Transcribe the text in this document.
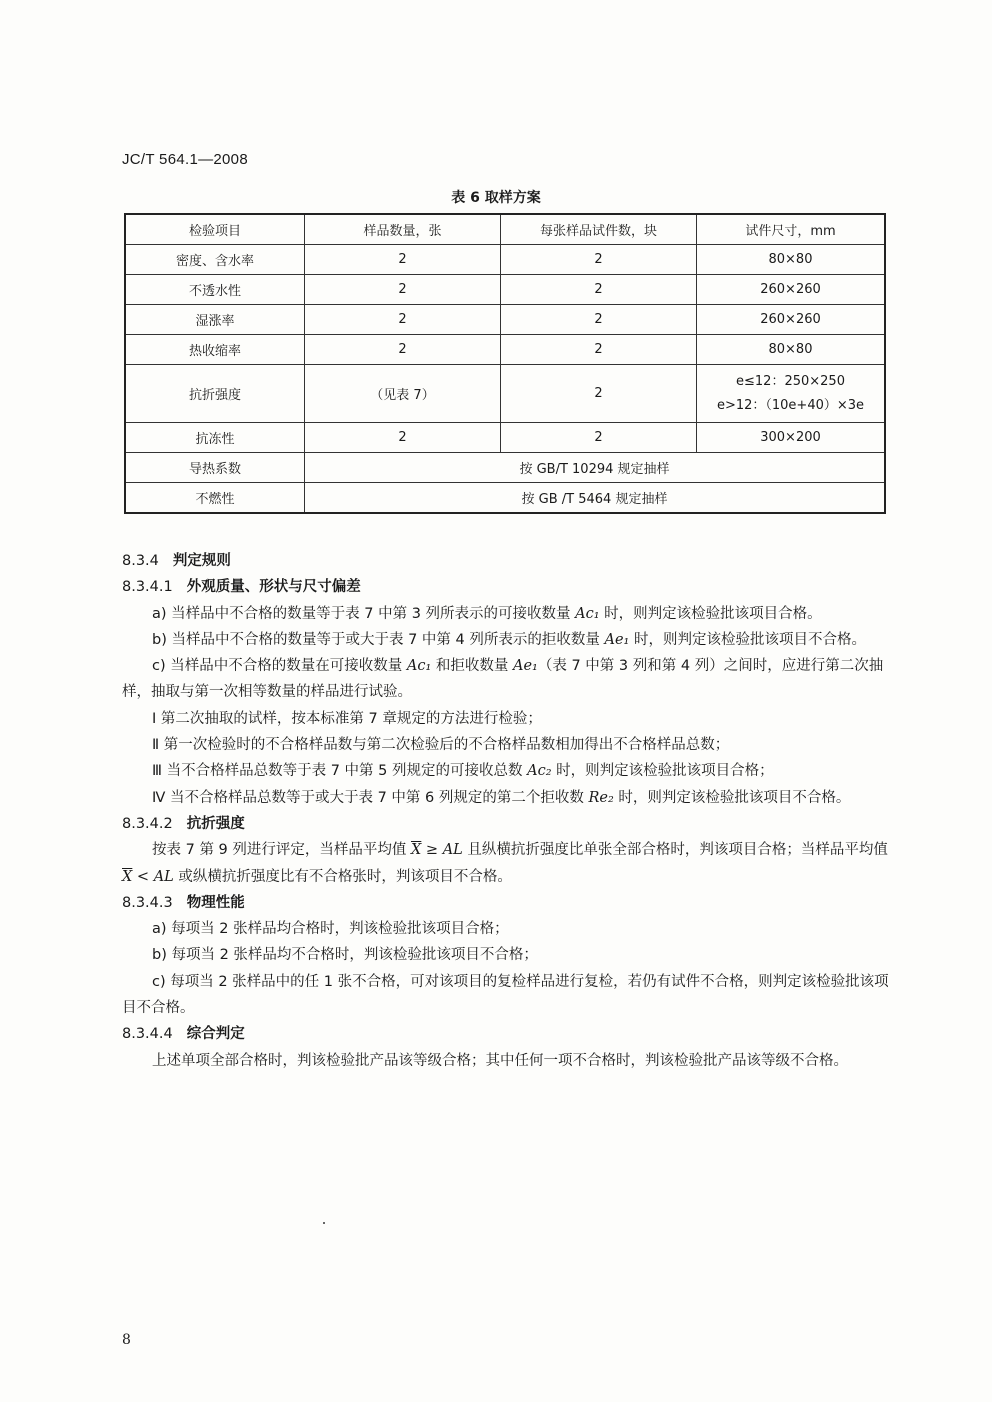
JC/T 564.1—2008
表 6 取样方案
检验项目	样品数量，张	每张样品试件数，块	试件尺寸，mm
密度、含水率	2	2	80×80
不透水性	2	2	260×260
湿涨率	2	2	260×260
热收缩率	2	2	80×80
抗折强度	（见表 7）	2	e≤12：250×250
e>12：（10e+40）×3e

抗冻性	2	2	300×200
导热系数	按 GB/T 10294 规定抽样		
不燃性	按 GB /T 5464 规定抽样		

8.3.4 判定规则

8.3.4.1 外观质量、形状与尺寸偏差

a) 当样品中不合格的数量等于表 7 中第 3 列所表示的可接收数量 Ac₁ 时，则判定该检验批该项目合格。

b) 当样品中不合格的数量等于或大于表 7 中第 4 列所表示的拒收数量 Ae₁ 时，则判定该检验批该项目不合格。

c) 当样品中不合格的数量在可接收数量 Ac₁ 和拒收数量 Ae₁（表 7 中第 3 列和第 4 列）之间时，应进行第二次抽样，抽取与第一次相等数量的样品进行试验。

Ⅰ 第二次抽取的试样，按本标准第 7 章规定的方法进行检验；

Ⅱ 第一次检验时的不合格样品数与第二次检验后的不合格样品数相加得出不合格样品总数；

Ⅲ 当不合格样品总数等于表 7 中第 5 列规定的可接收总数 Ac₂ 时，则判定该检验批该项目合格；

Ⅳ 当不合格样品总数等于或大于表 7 中第 6 列规定的第二个拒收数 Re₂ 时，则判定该检验批该项目不合格。

8.3.4.2 抗折强度

按表 7 第 9 列进行评定，当样品平均值 $\overline{X}$ ≥ AL 且纵横抗折强度比单张全部合格时，判该项目合格；当样品平均值 $\overline{X}$ < AL 或纵横抗折强度比有不合格张时，判该项目不合格。

8.3.4.3 物理性能

a) 每项当 2 张样品均合格时，判该检验批该项目合格；

b) 每项当 2 张样品均不合格时，判该检验批该项目不合格；

c) 每项当 2 张样品中的任 1 张不合格，可对该项目的复检样品进行复检，若仍有试件不合格，则判定该检验批该项目不合格。

8.3.4.4 综合判定

上述单项全部合格时，判该检验批产品该等级合格；其中任何一项不合格时，判该检验批产品该等级不合格。

8
